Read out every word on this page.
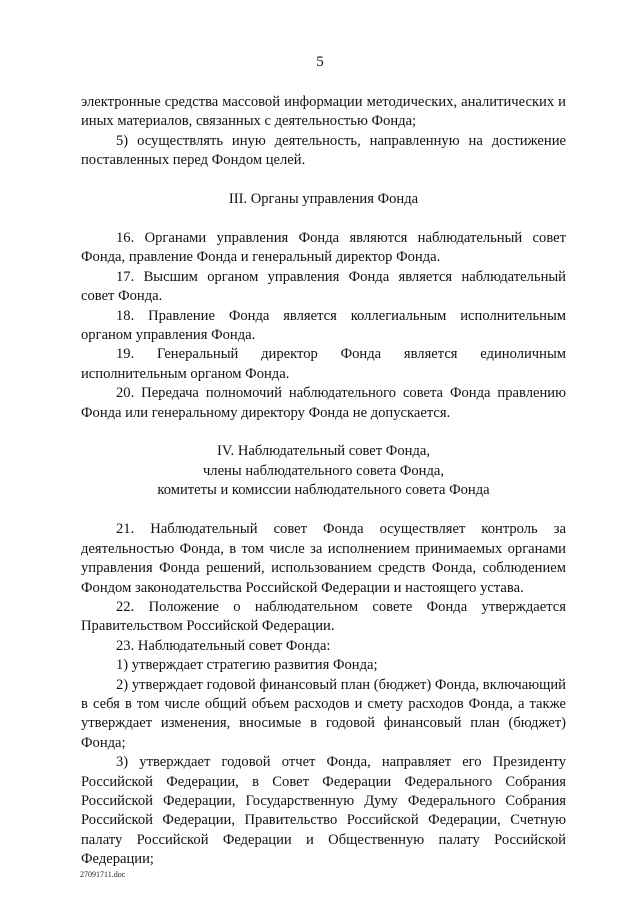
5

электронные средства массовой информации методических, аналитических и иных материалов, связанных с деятельностью Фонда;

5) осуществлять иную деятельность, направленную на достижение поставленных перед Фондом целей.

III. Органы управления Фонда

16. Органами управления Фонда являются наблюдательный совет Фонда, правление Фонда и генеральный директор Фонда.

17. Высшим органом управления Фонда является наблюдательный совет Фонда.

18. Правление Фонда является коллегиальным исполнительным органом управления Фонда.

19. Генеральный директор Фонда является единоличным исполнительным органом Фонда.

20. Передача полномочий наблюдательного совета Фонда правлению Фонда или генеральному директору Фонда не допускается.

IV. Наблюдательный совет Фонда,
члены наблюдательного совета Фонда,
комитеты и комиссии наблюдательного совета Фонда

21. Наблюдательный совет Фонда осуществляет контроль за деятельностью Фонда, в том числе за исполнением принимаемых органами управления Фонда решений, использованием средств Фонда, соблюдением Фондом законодательства Российской Федерации и настоящего устава.

22. Положение о наблюдательном совете Фонда утверждается Правительством Российской Федерации.

23. Наблюдательный совет Фонда:

1) утверждает стратегию развития Фонда;

2) утверждает годовой финансовый план (бюджет) Фонда, включающий в себя в том числе общий объем расходов и смету расходов Фонда, а также утверждает изменения, вносимые в годовой финансовый план (бюджет) Фонда;

3) утверждает годовой отчет Фонда, направляет его Президенту Российской Федерации, в Совет Федерации Федерального Собрания Российской Федерации, Государственную Думу Федерального Собрания Российской Федерации, Правительство Российской Федерации, Счетную палату Российской Федерации и Общественную палату Российской Федерации;

27091711.doc
